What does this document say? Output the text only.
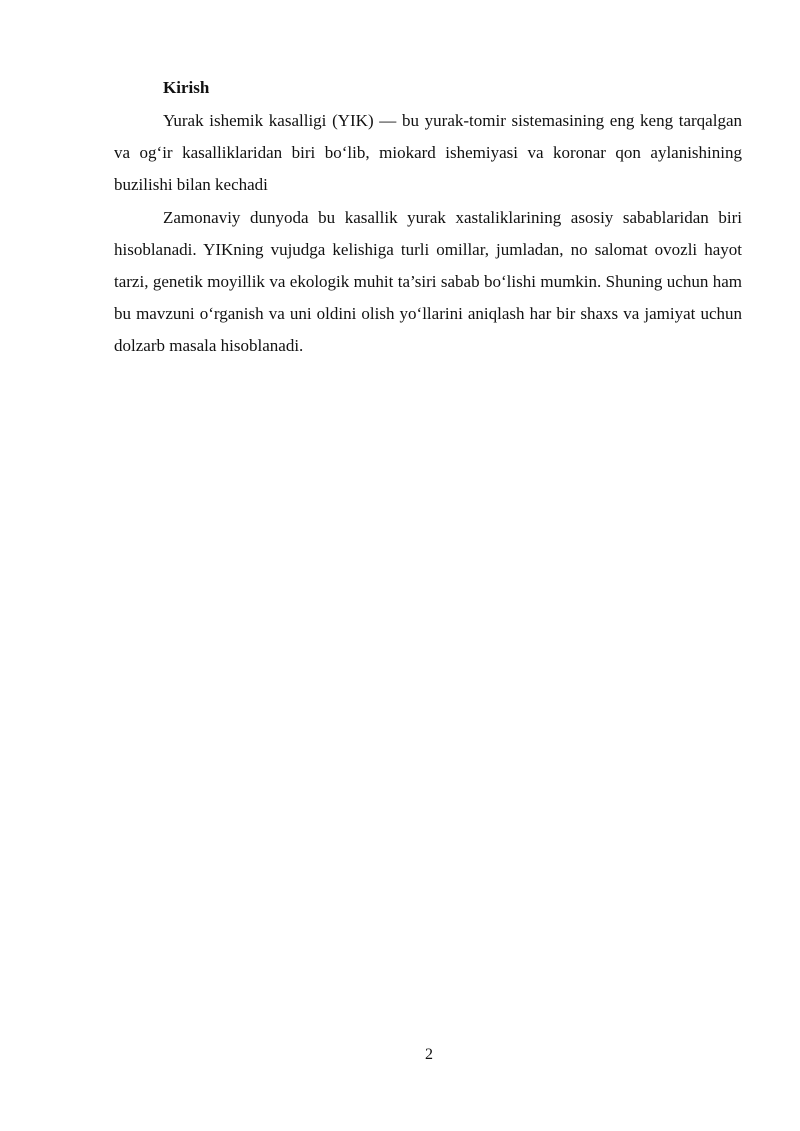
Kirish

Yurak ishemik kasalligi (YIK) — bu yurak-tomir sistemasining eng keng tarqalgan va og‘ir kasalliklaridan biri bo‘lib, miokard ishemiyasi va koronar qon aylanishining buzilishi bilan kechadi

Zamonaviy dunyoda bu kasallik yurak xastaliklarining asosiy sabablaridan biri hisoblanadi. YIKning vujudga kelishiga turli omillar, jumladan, no salomat ovozli hayot tarzi, genetik moyillik va ekologik muhit ta’siri sabab bo‘lishi mumkin. Shuning uchun ham bu mavzuni o‘rganish va uni oldini olish yo‘llarini aniqlash har bir shaxs va jamiyat uchun dolzarb masala hisoblanadi.

2
